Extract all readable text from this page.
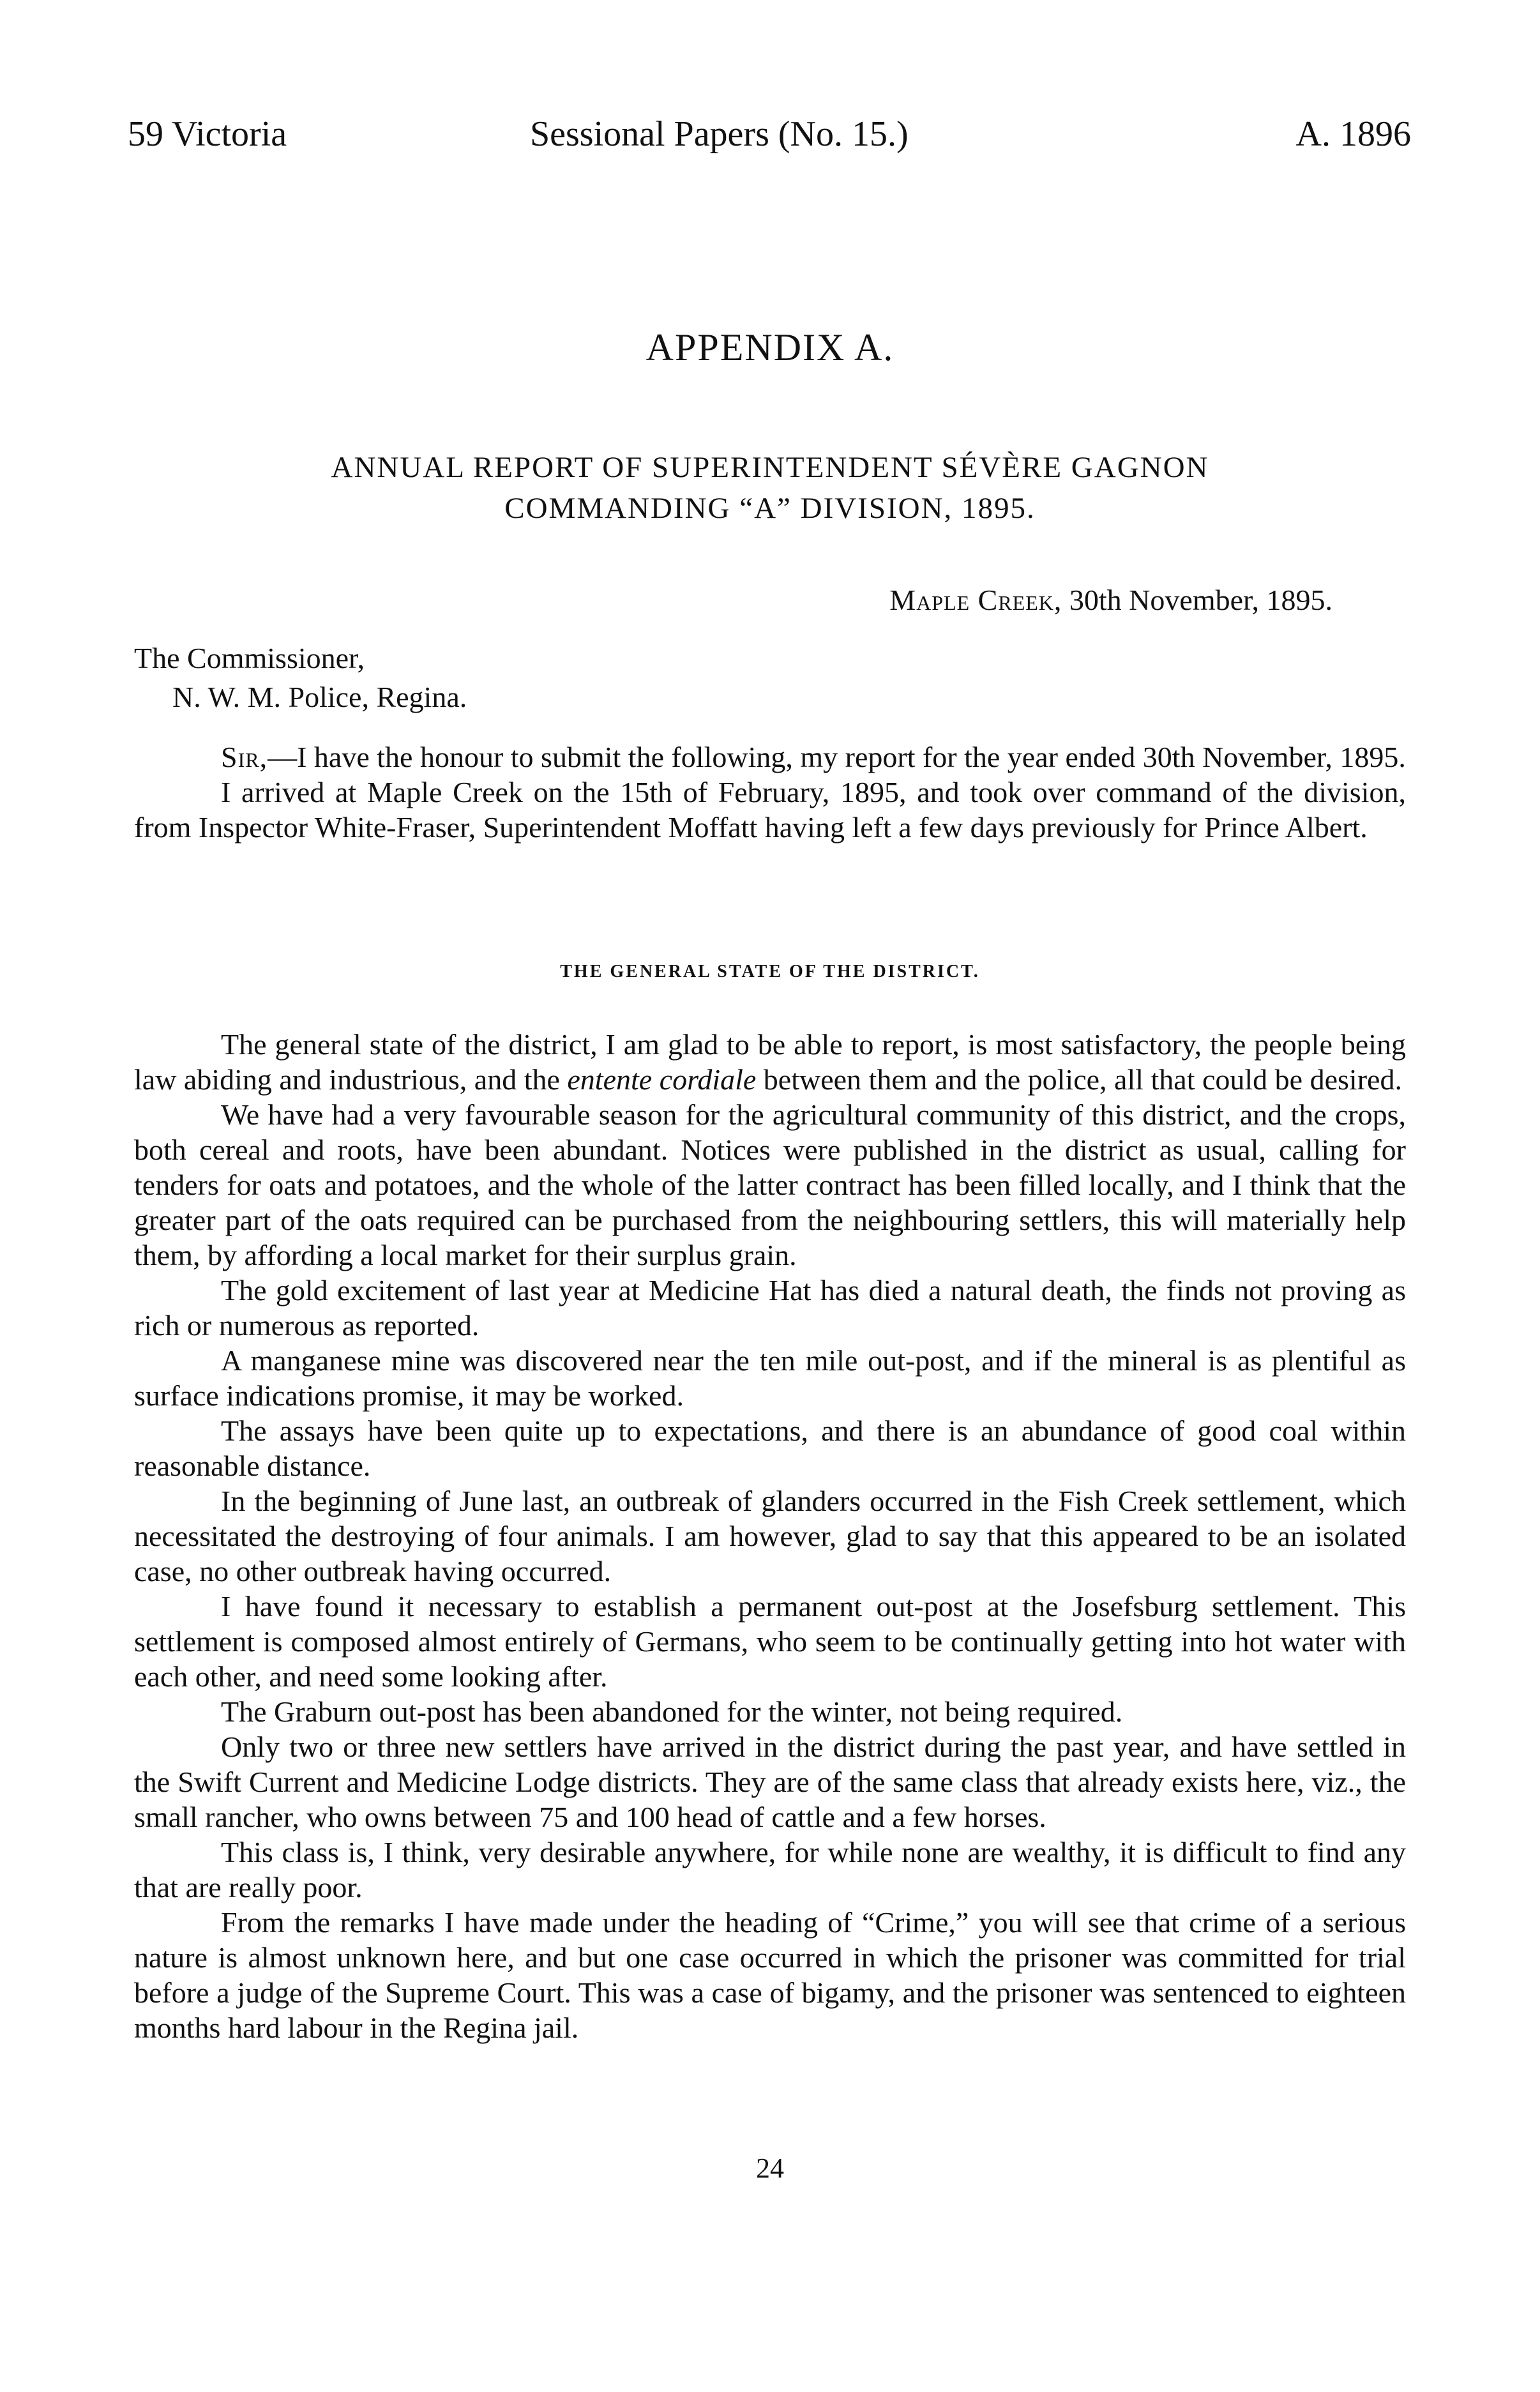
59 Victoria	Sessional Papers (No. 15.)	A. 1896
APPENDIX A.
ANNUAL REPORT OF SUPERINTENDENT SÉVÈRE GAGNON
COMMANDING “A” DIVISION, 1895.
Maple Creek, 30th November, 1895.
The Commissioner,
N. W. M. Police, Regina.

Sir,—I have the honour to submit the following, my report for the year ended 30th November, 1895.

I arrived at Maple Creek on the 15th of February, 1895, and took over command of the division, from Inspector White-Fraser, Superintendent Moffatt having left a few days previously for Prince Albert.

THE GENERAL STATE OF THE DISTRICT.

The general state of the district, I am glad to be able to report, is most satisfactory, the people being law abiding and industrious, and the entente cordiale between them and the police, all that could be desired.

We have had a very favourable season for the agricultural community of this district, and the crops, both cereal and roots, have been abundant. Notices were published in the district as usual, calling for tenders for oats and potatoes, and the whole of the latter contract has been filled locally, and I think that the greater part of the oats required can be purchased from the neighbouring settlers, this will materially help them, by affording a local market for their surplus grain.

The gold excitement of last year at Medicine Hat has died a natural death, the finds not proving as rich or numerous as reported.

A manganese mine was discovered near the ten mile out-post, and if the mineral is as plentiful as surface indications promise, it may be worked.

The assays have been quite up to expectations, and there is an abundance of good coal within reasonable distance.

In the beginning of June last, an outbreak of glanders occurred in the Fish Creek settlement, which necessitated the destroying of four animals. I am however, glad to say that this appeared to be an isolated case, no other outbreak having occurred.

I have found it necessary to establish a permanent out-post at the Josefsburg settlement. This settlement is composed almost entirely of Germans, who seem to be continually getting into hot water with each other, and need some looking after.

The Graburn out-post has been abandoned for the winter, not being required.

Only two or three new settlers have arrived in the district during the past year, and have settled in the Swift Current and Medicine Lodge districts. They are of the same class that already exists here, viz., the small rancher, who owns between 75 and 100 head of cattle and a few horses.

This class is, I think, very desirable anywhere, for while none are wealthy, it is difficult to find any that are really poor.

From the remarks I have made under the heading of “Crime,” you will see that crime of a serious nature is almost unknown here, and but one case occurred in which the prisoner was committed for trial before a judge of the Supreme Court. This was a case of bigamy, and the prisoner was sentenced to eighteen months hard labour in the Regina jail.

24
